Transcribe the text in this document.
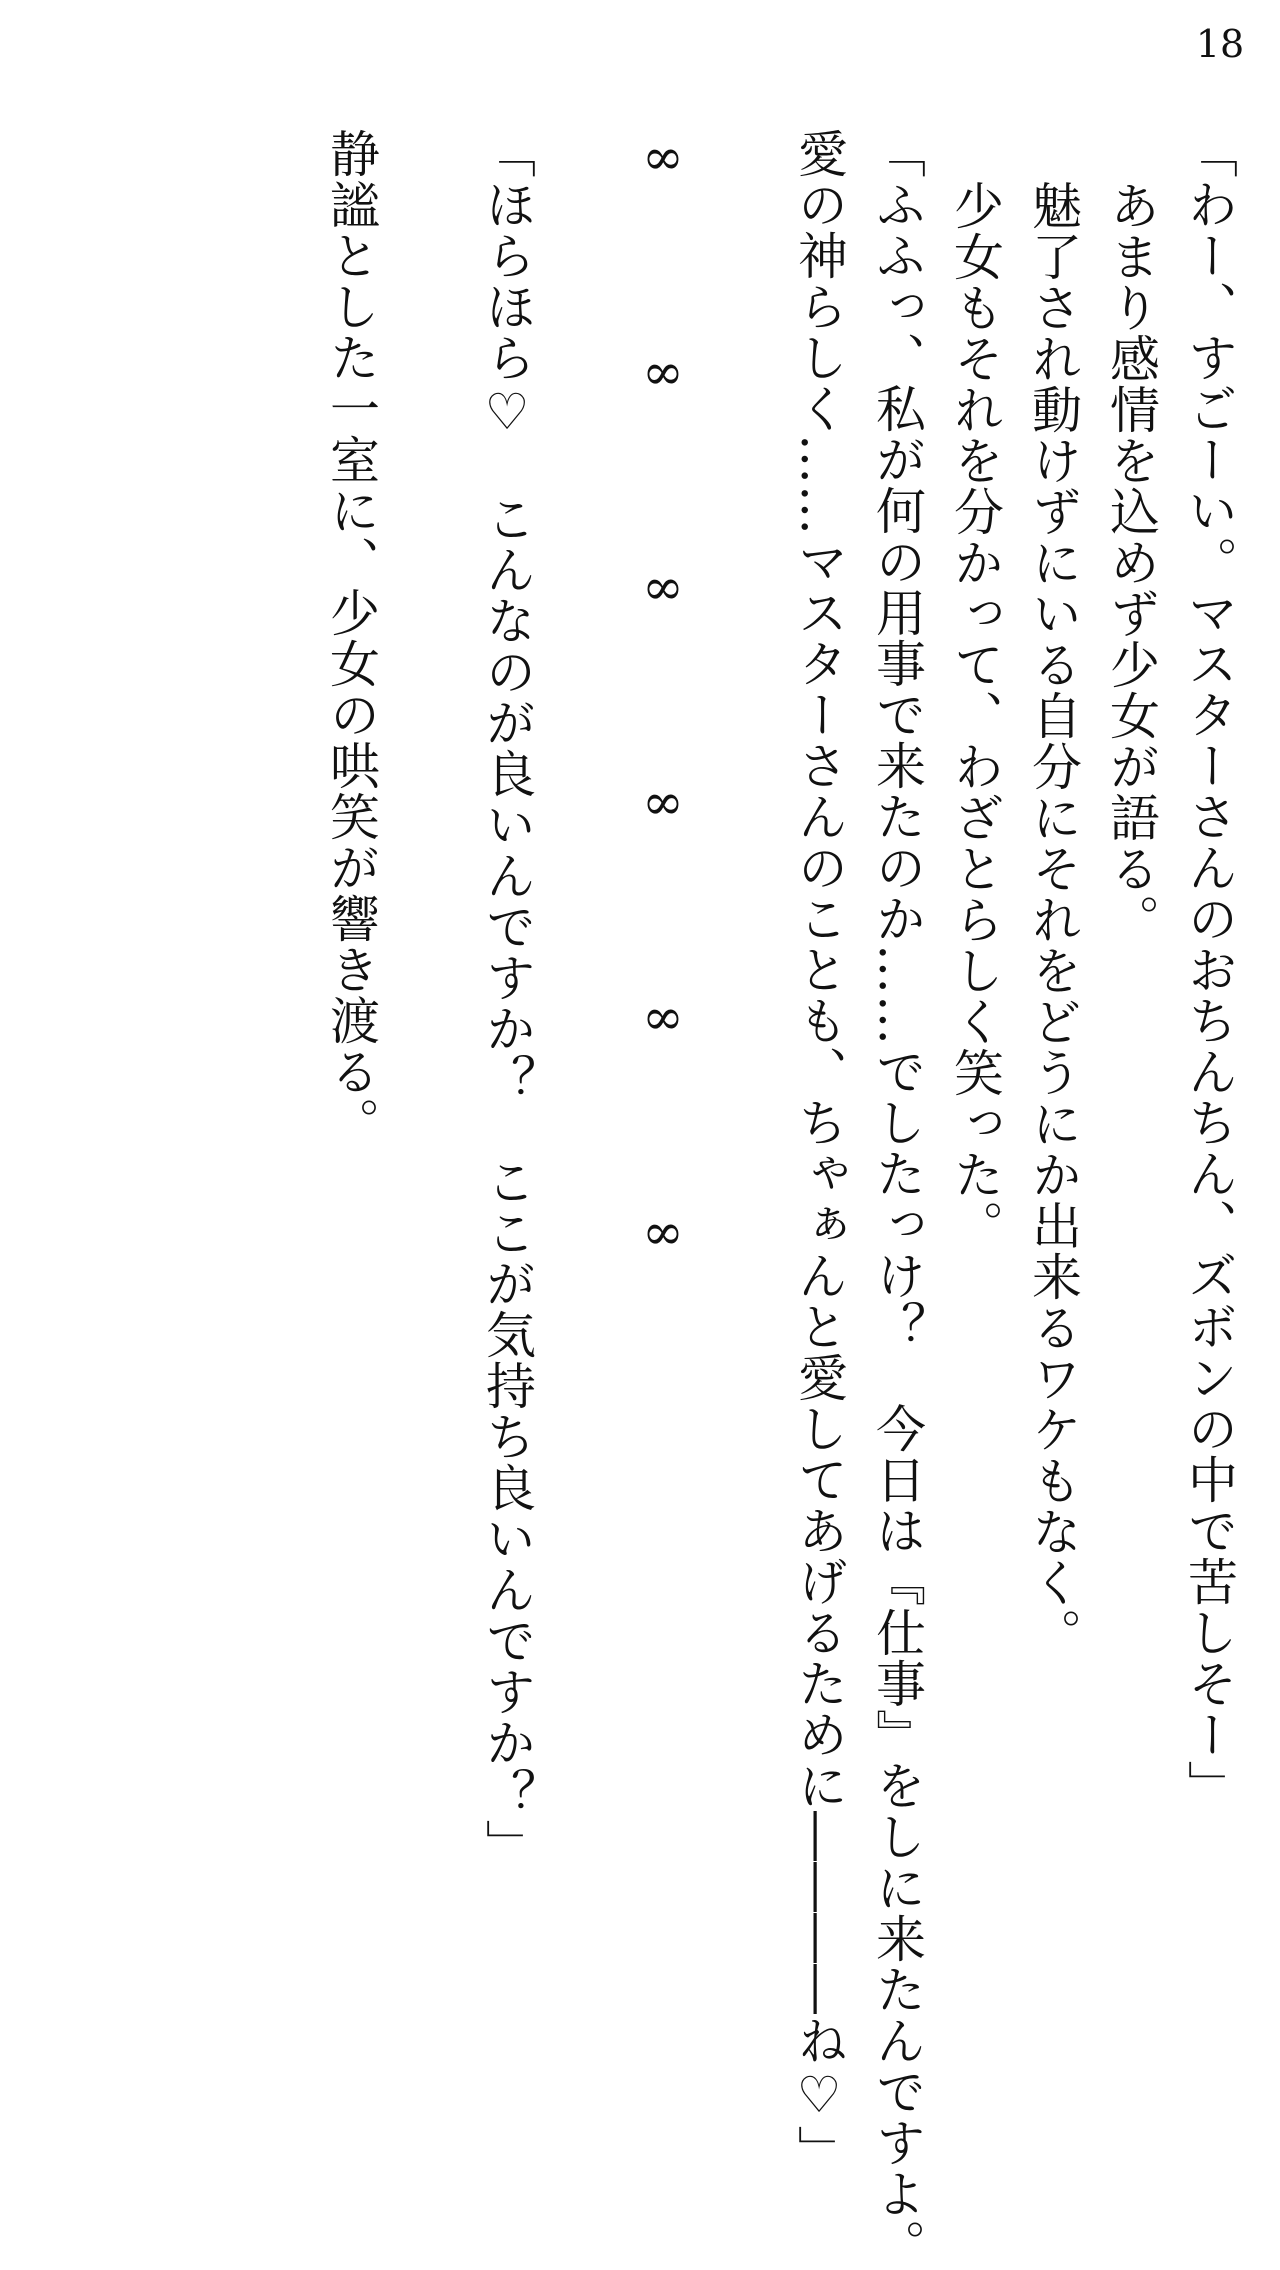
18
「わー、すごーい。マスターさんのおちんちん、ズボンの中で苦しそー」
あまり感情を込めず少女が語る。
魅了され動けずにいる自分にそれをどうにか出来るワケもなく。
少女もそれを分かって、わざとらしく笑った。
「ふふっ、私が何の用事で来たのか……でしたっけ？　今日は『仕事』をしに来たんですよ。
愛の神らしく……マスターさんのことも、ちゃぁんと愛してあげるために――――ね♡」
∞∞∞∞∞∞
「ほらほら♡　こんなのが良いんですか？　ここが気持ち良いんですか？」
静謐とした一室に、少女の哄笑が響き渡る。
